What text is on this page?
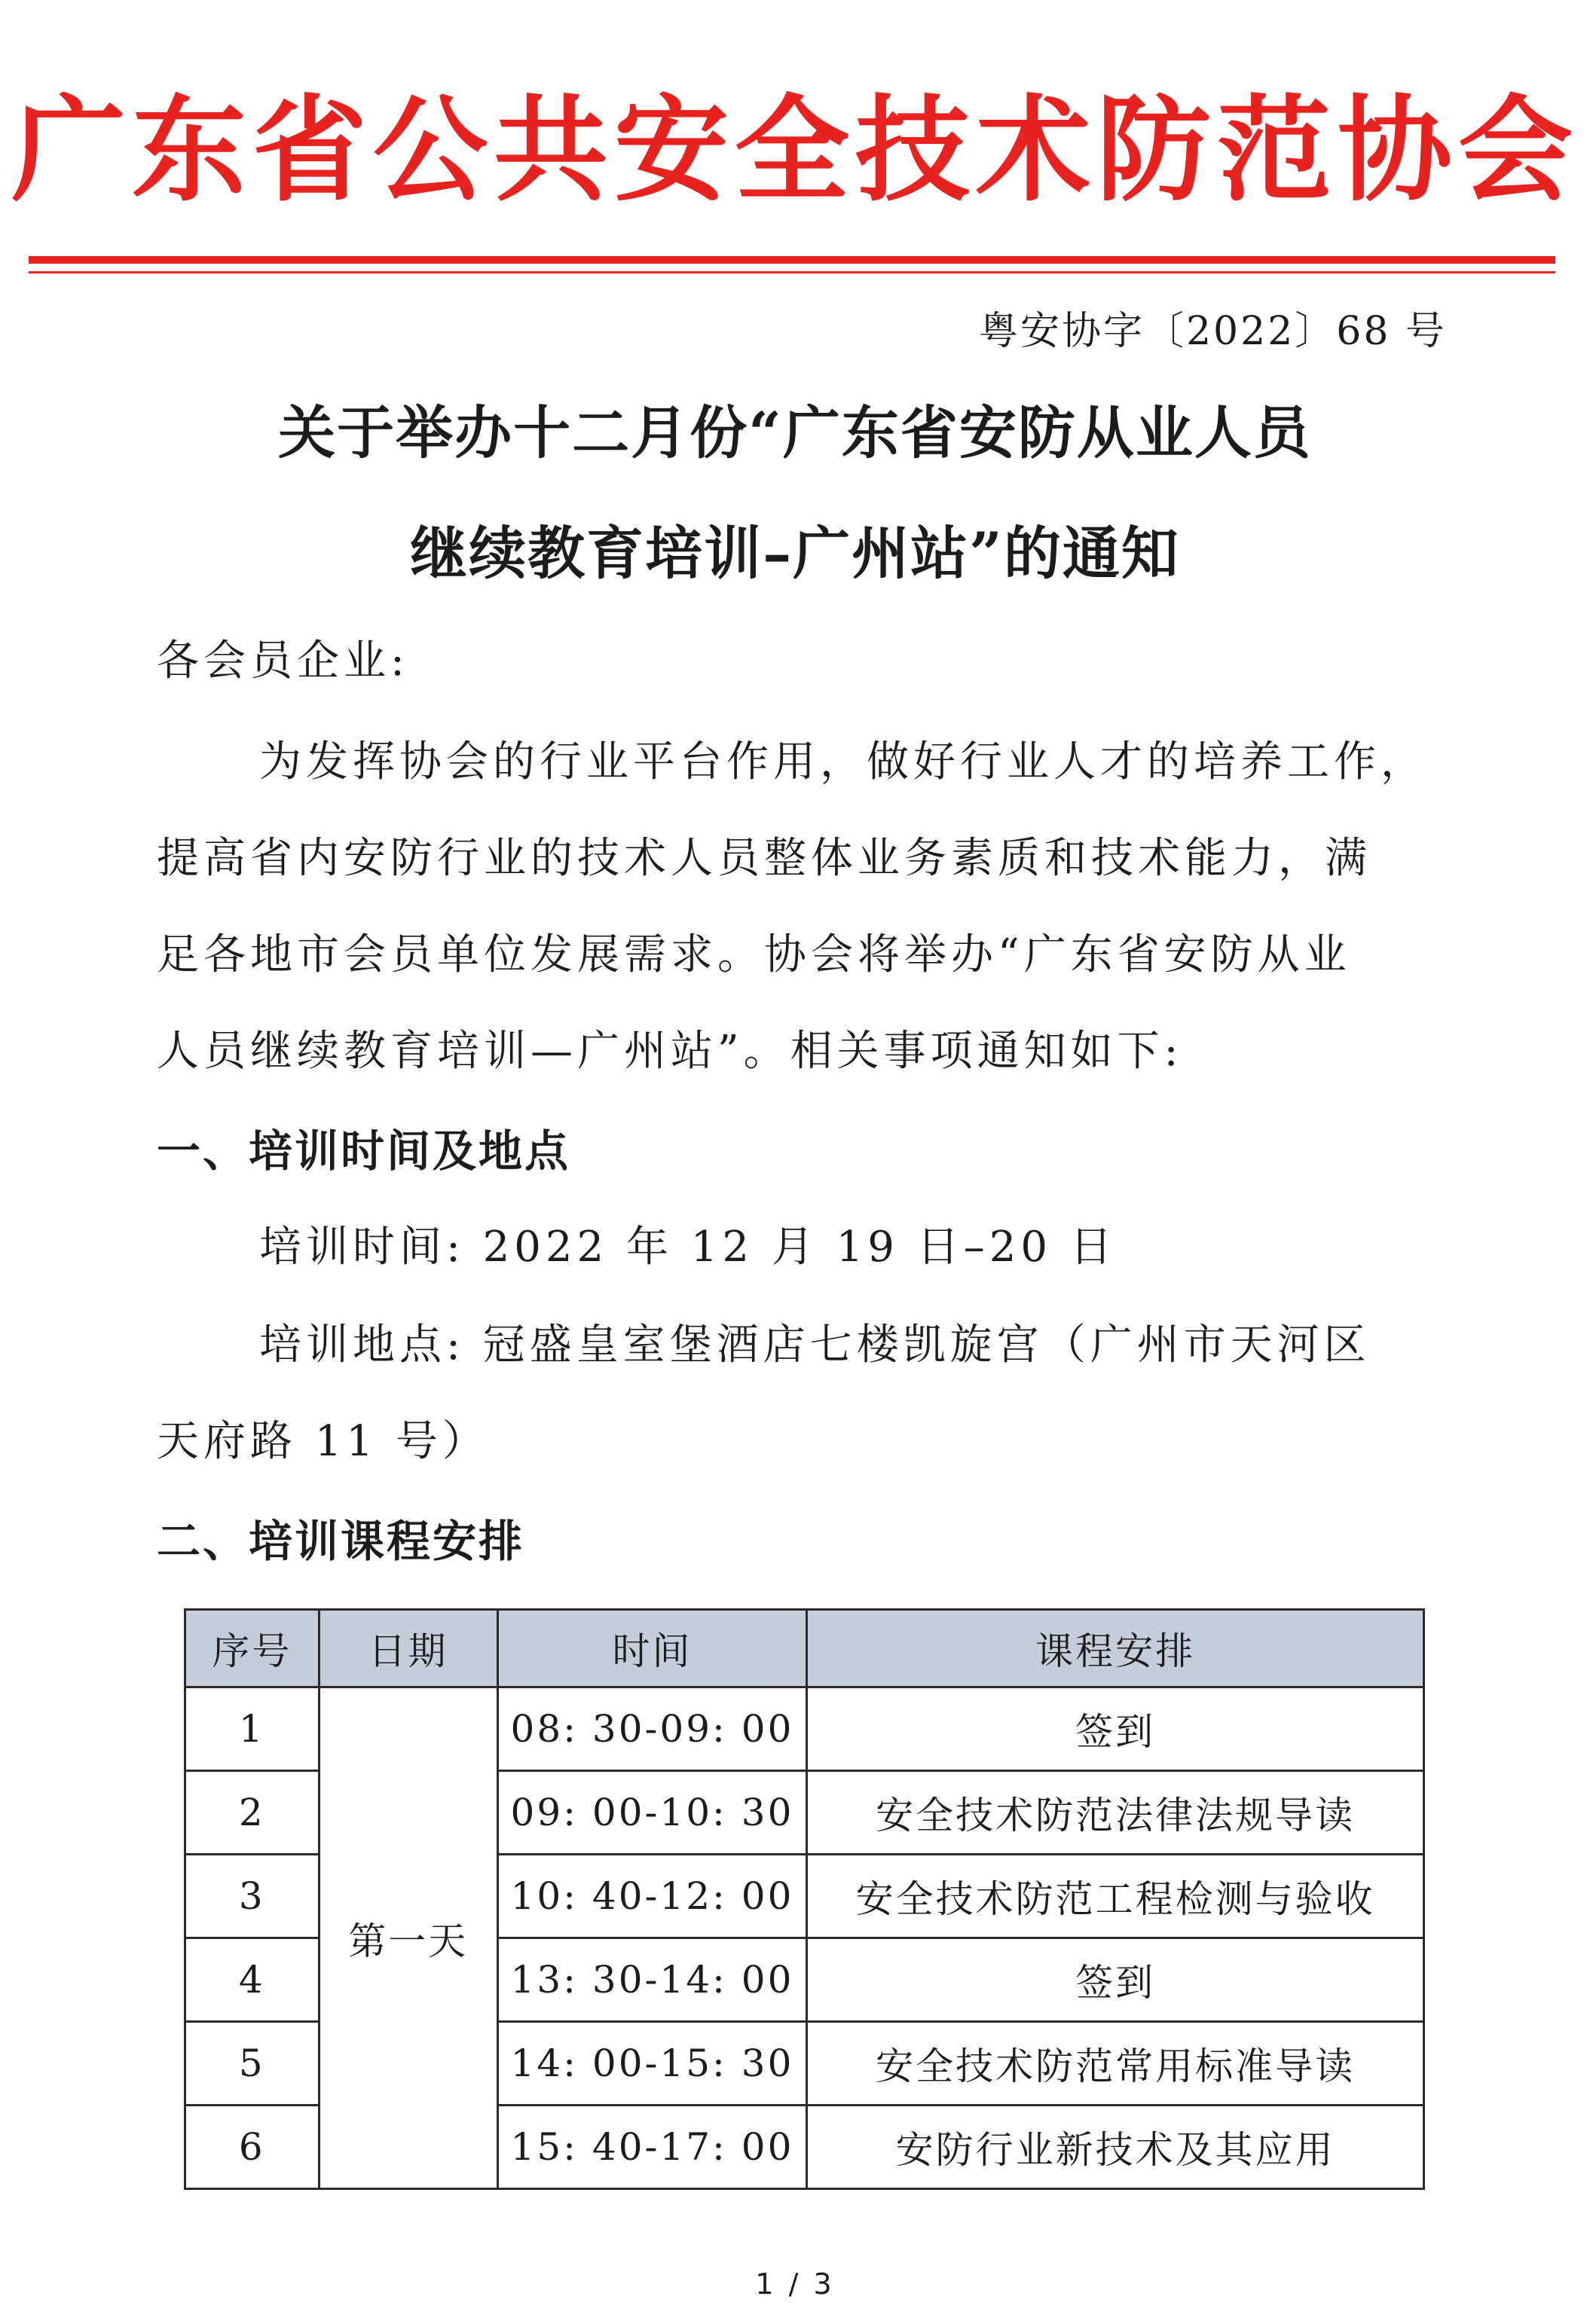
广东省公共安全技术防范协会
粤安协字〔2022〕68 号
关于举办十二月份“广东省安防从业人员
继续教育培训–广州站”的通知
各会员企业:
为发挥协会的行业平台作用，做好行业人才的培养工作，
提高省内安防行业的技术人员整体业务素质和技术能力，满
足各地市会员单位发展需求。协会将举办“广东省安防从业
人员继续教育培训—广州站”。相关事项通知如下:
一、培训时间及地点
培训时间: 2022 年 12 月 19 日–20 日
培训地点: 冠盛皇室堡酒店七楼凯旋宫（广州市天河区
天府路 11 号）
二、培训课程安排
序号	日期	时间	课程安排
1	第一天	08: 30-09: 00	签到
2		09: 00-10: 30	安全技术防范法律法规导读
3		10: 40-12: 00	安全技术防范工程检测与验收
4		13: 30-14: 00	签到
5		14: 00-15: 30	安全技术防范常用标准导读
6		15: 40-17: 00	安防行业新技术及其应用
1 / 3
